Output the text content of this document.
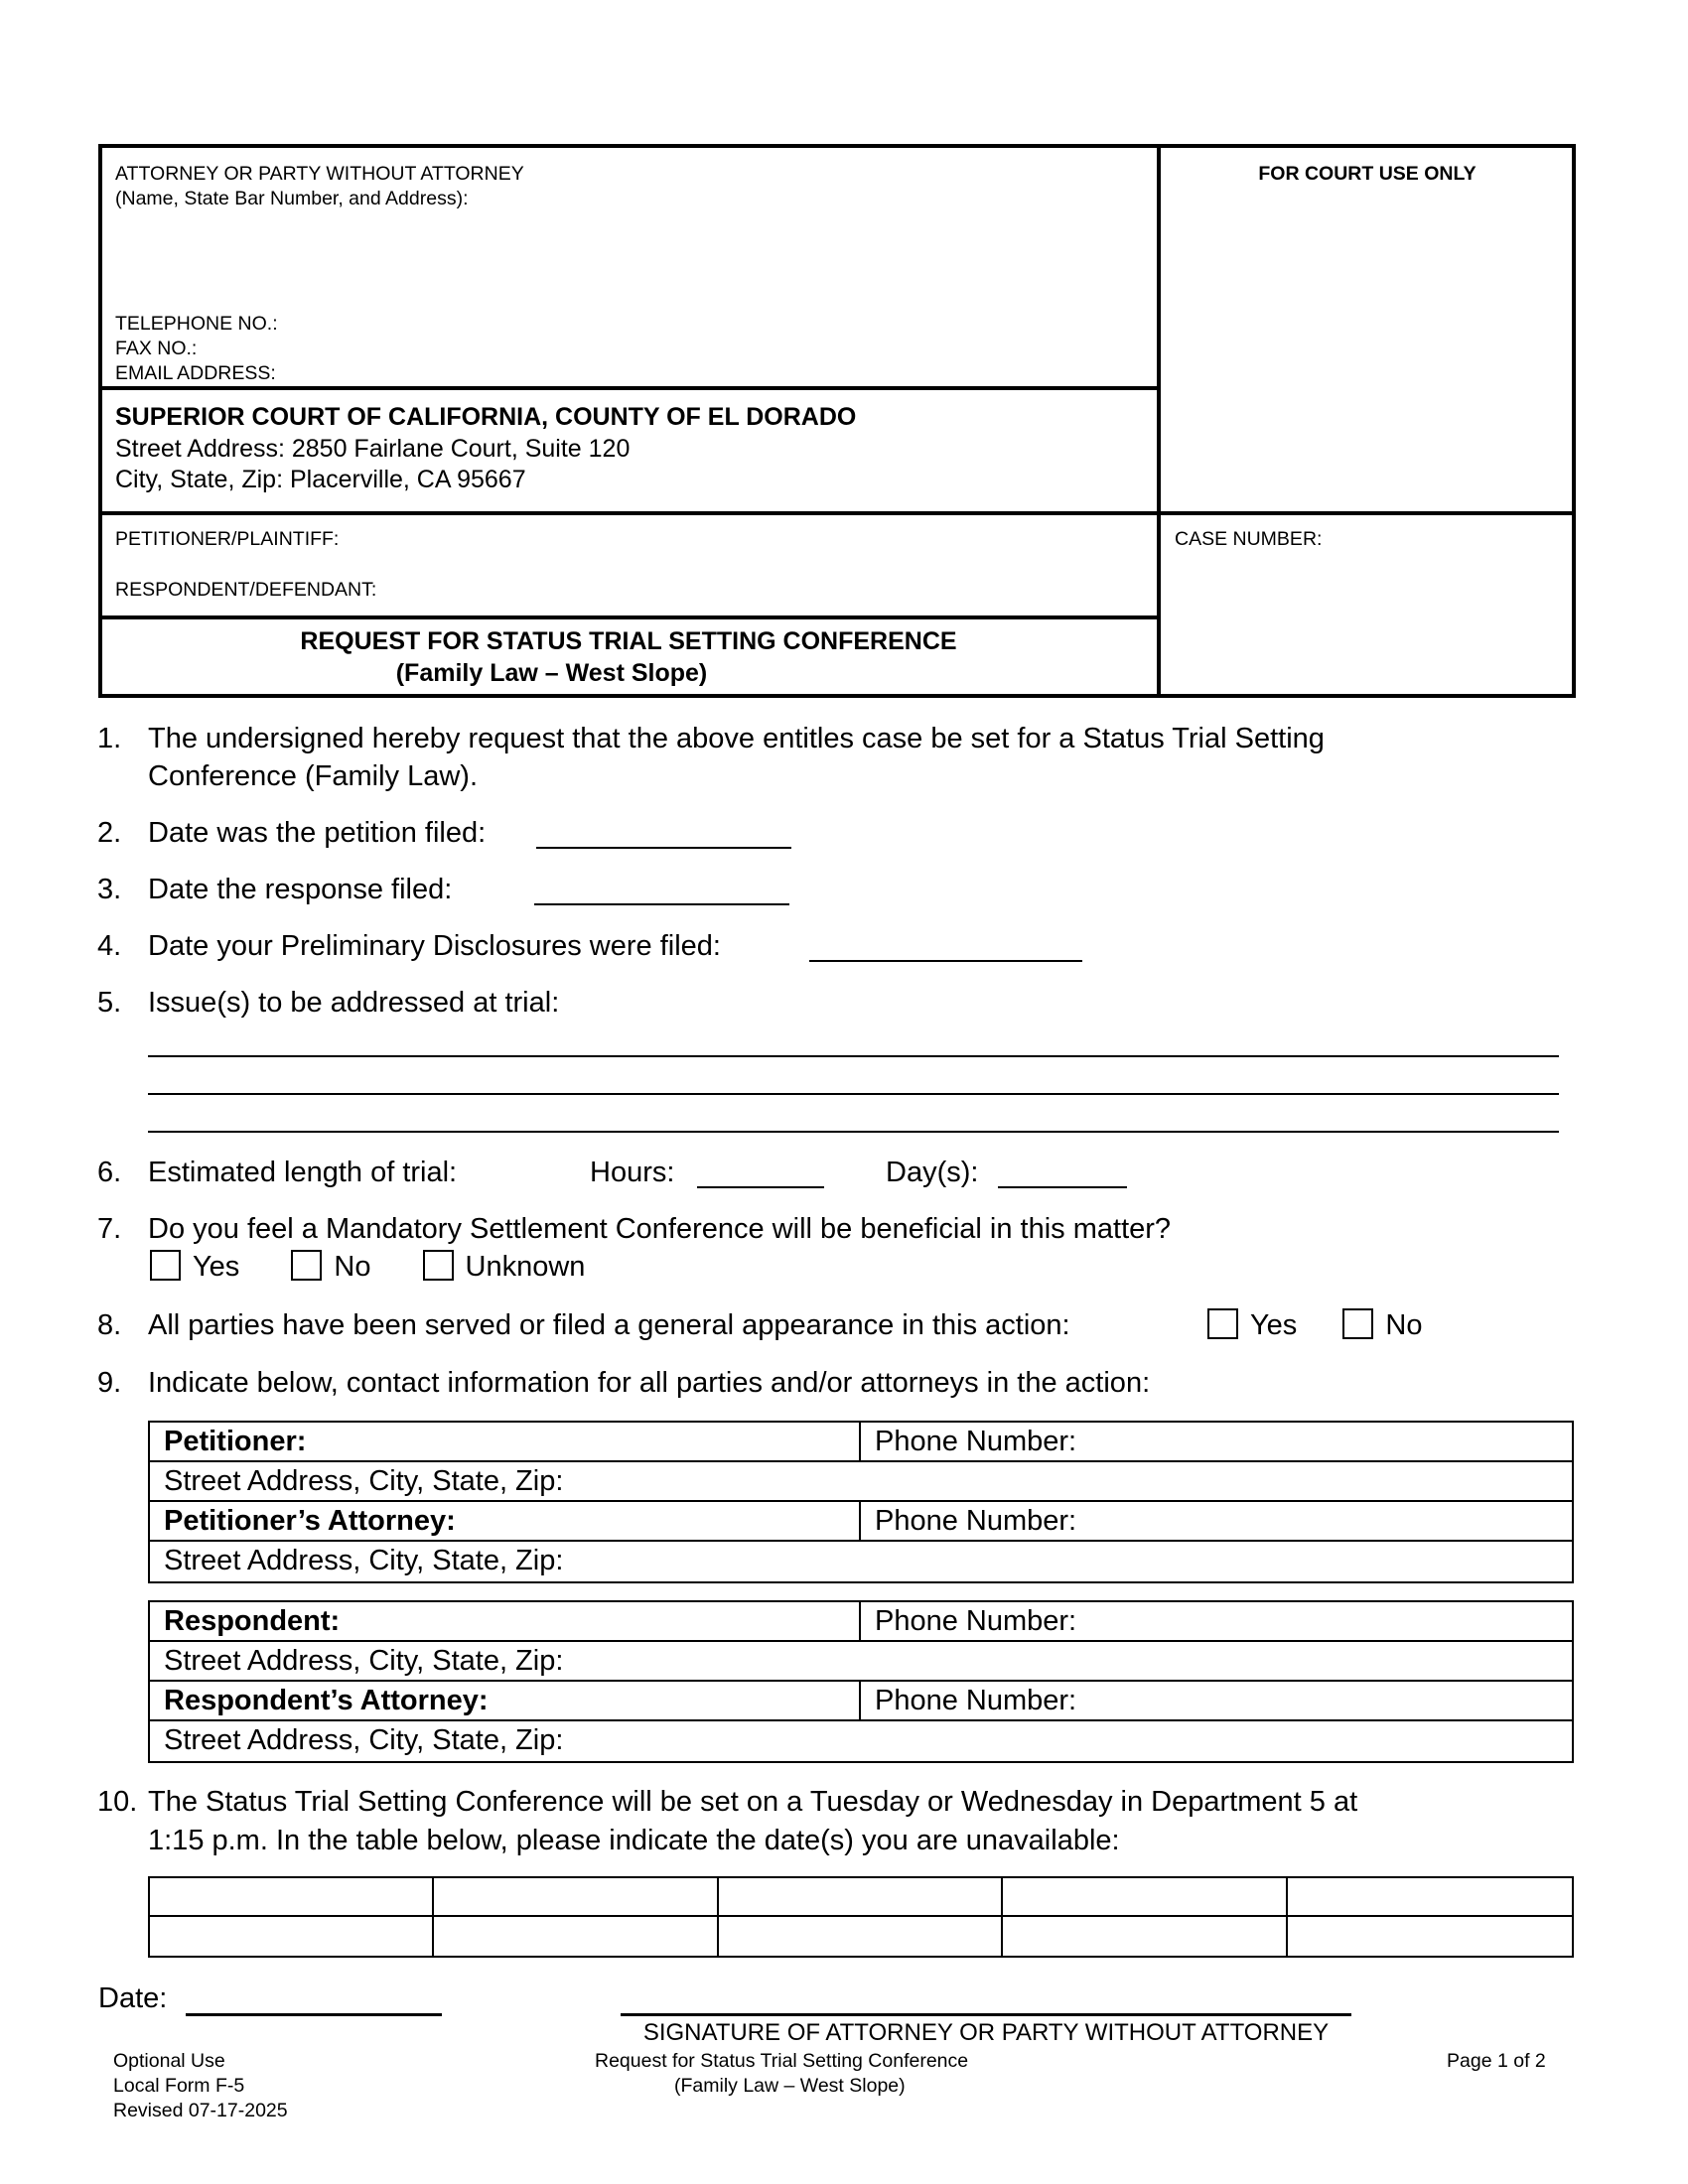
ATTORNEY OR PARTY WITHOUT ATTORNEY
(Name, State Bar Number, and Address):
TELEPHONE NO.:
FAX NO.:
EMAIL ADDRESS:
FOR COURT USE ONLY
SUPERIOR COURT OF CALIFORNIA, COUNTY OF EL DORADO
Street Address: 2850 Fairlane Court, Suite 120
City, State, Zip: Placerville, CA 95667
PETITIONER/PLAINTIFF:
RESPONDENT/DEFENDANT:
CASE NUMBER:
REQUEST FOR STATUS TRIAL SETTING CONFERENCE
(Family Law – West Slope)
1. The undersigned hereby request that the above entitles case be set for a Status Trial Setting
Conference (Family Law).
2. Date was the petition filed:
3. Date the response filed:
4. Date your Preliminary Disclosures were filed:
5. Issue(s) to be addressed at trial:
6. Estimated length of trial:	Hours:	Day(s):
7. Do you feel a Mandatory Settlement Conference will be beneficial in this matter?
Yes	No	Unknown
8. All parties have been served or filed a general appearance in this action:	Yes	No
9. Indicate below, contact information for all parties and/or attorneys in the action:
Petitioner:	Phone Number:
Street Address, City, State, Zip:
Petitioner’s Attorney:	Phone Number:
Street Address, City, State, Zip:
Respondent:	Phone Number:
Street Address, City, State, Zip:
Respondent’s Attorney:	Phone Number:
Street Address, City, State, Zip:
10. The Status Trial Setting Conference will be set on a Tuesday or Wednesday in Department 5 at
1:15 p.m. In the table below, please indicate the date(s) you are unavailable:
Date:
SIGNATURE OF ATTORNEY OR PARTY WITHOUT ATTORNEY
Optional Use
Local Form F-5
Revised 07-17-2025
Request for Status Trial Setting Conference
(Family Law – West Slope)
Page 1 of 2
